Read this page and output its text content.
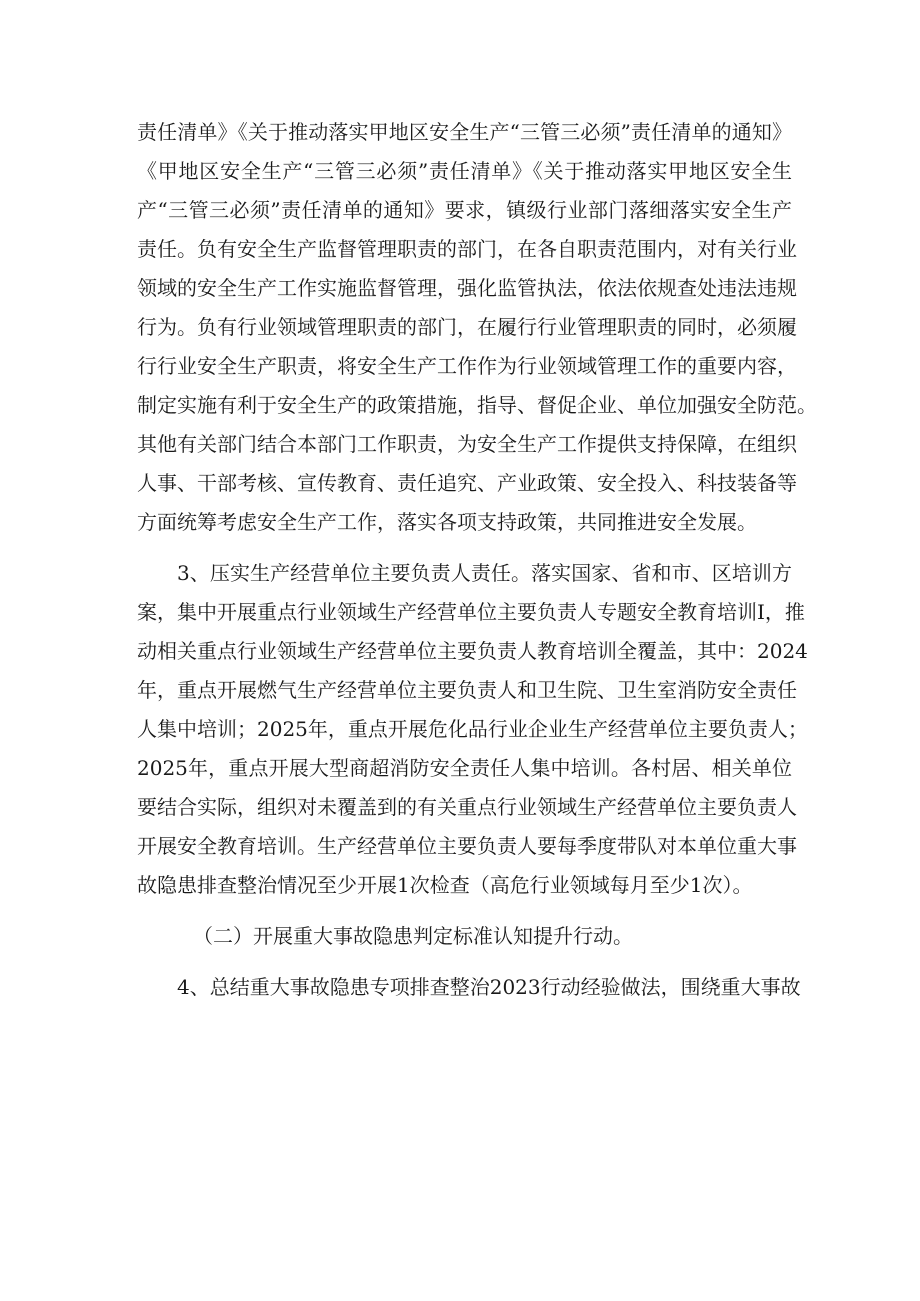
责任清单》《关于推动落实甲地区安全生产“三管三必须”责任清单的通知》
《甲地区安全生产“三管三必须”责任清单》《关于推动落实甲地区安全生
产“三管三必须”责任清单的通知》要求，镇级行业部门落细落实安全生产
责任。负有安全生产监督管理职责的部门，在各自职责范围内，对有关行业
领域的安全生产工作实施监督管理，强化监管执法，依法依规查处违法违规
行为。负有行业领域管理职责的部门，在履行行业管理职责的同时，必须履
行行业安全生产职责，将安全生产工作作为行业领域管理工作的重要内容，
制定实施有利于安全生产的政策措施，指导、督促企业、单位加强安全防范。
其他有关部门结合本部门工作职责，为安全生产工作提供支持保障，在组织
人事、干部考核、宣传教育、责任追究、产业政策、安全投入、科技装备等
方面统筹考虑安全生产工作，落实各项支持政策，共同推进安全发展。

3、压实生产经营单位主要负责人责任。落实国家、省和市、区培训方
案，集中开展重点行业领域生产经营单位主要负责人专题安全教育培训I，推
动相关重点行业领域生产经营单位主要负责人教育培训全覆盖，其中：2024
年，重点开展燃气生产经营单位主要负责人和卫生院、卫生室消防安全责任
人集中培训；2025年，重点开展危化品行业企业生产经营单位主要负责人；
2025年，重点开展大型商超消防安全责任人集中培训。各村居、相关单位
要结合实际，组织对未覆盖到的有关重点行业领域生产经营单位主要负责人
开展安全教育培训。生产经营单位主要负责人要每季度带队对本单位重大事
故隐患排查整治情况至少开展1次检查（高危行业领域每月至少1次）。

（二）开展重大事故隐患判定标准认知提升行动。

4、总结重大事故隐患专项排查整治2023行动经验做法，围绕重大事故
